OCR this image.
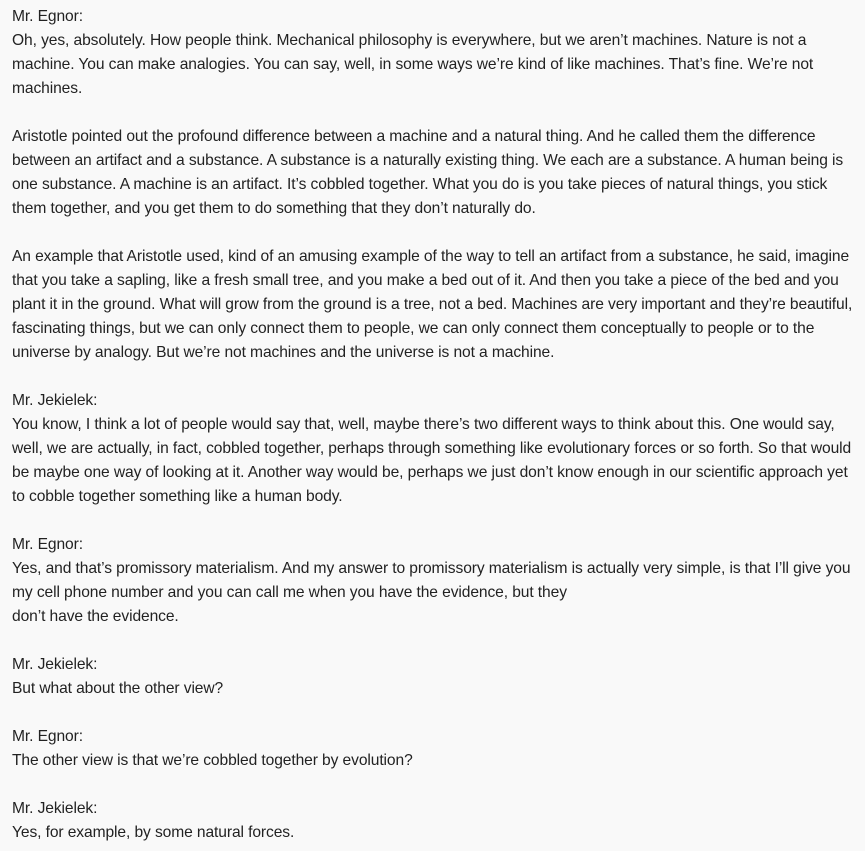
Mr. Egnor:
Oh, yes, absolutely. How people think. Mechanical philosophy is everywhere, but we aren’t machines. Nature is not a
machine. You can make analogies. You can say, well, in some ways we’re kind of like machines. That’s fine. We’re not
machines.
Aristotle pointed out the profound difference between a machine and a natural thing. And he called them the difference
between an artifact and a substance. A substance is a naturally existing thing. We each are a substance. A human being is
one substance. A machine is an artifact. It’s cobbled together. What you do is you take pieces of natural things, you stick
them together, and you get them to do something that they don’t naturally do.
An example that Aristotle used, kind of an amusing example of the way to tell an artifact from a substance, he said, imagine
that you take a sapling, like a fresh small tree, and you make a bed out of it. And then you take a piece of the bed and you
plant it in the ground. What will grow from the ground is a tree, not a bed. Machines are very important and they’re beautiful,
fascinating things, but we can only connect them to people, we can only connect them conceptually to people or to the
universe by analogy. But we’re not machines and the universe is not a machine.
Mr. Jekielek:
You know, I think a lot of people would say that, well, maybe there’s two different ways to think about this. One would say,
well, we are actually, in fact, cobbled together, perhaps through something like evolutionary forces or so forth. So that would
be maybe one way of looking at it. Another way would be, perhaps we just don’t know enough in our scientific approach yet
to cobble together something like a human body.
Mr. Egnor:
Yes, and that’s promissory materialism. And my answer to promissory materialism is actually very simple, is that I’ll give you
my cell phone number and you can call me when you have the evidence, but they
don’t have the evidence.
Mr. Jekielek:
But what about the other view?
Mr. Egnor:
The other view is that we’re cobbled together by evolution?
Mr. Jekielek:
Yes, for example, by some natural forces.
